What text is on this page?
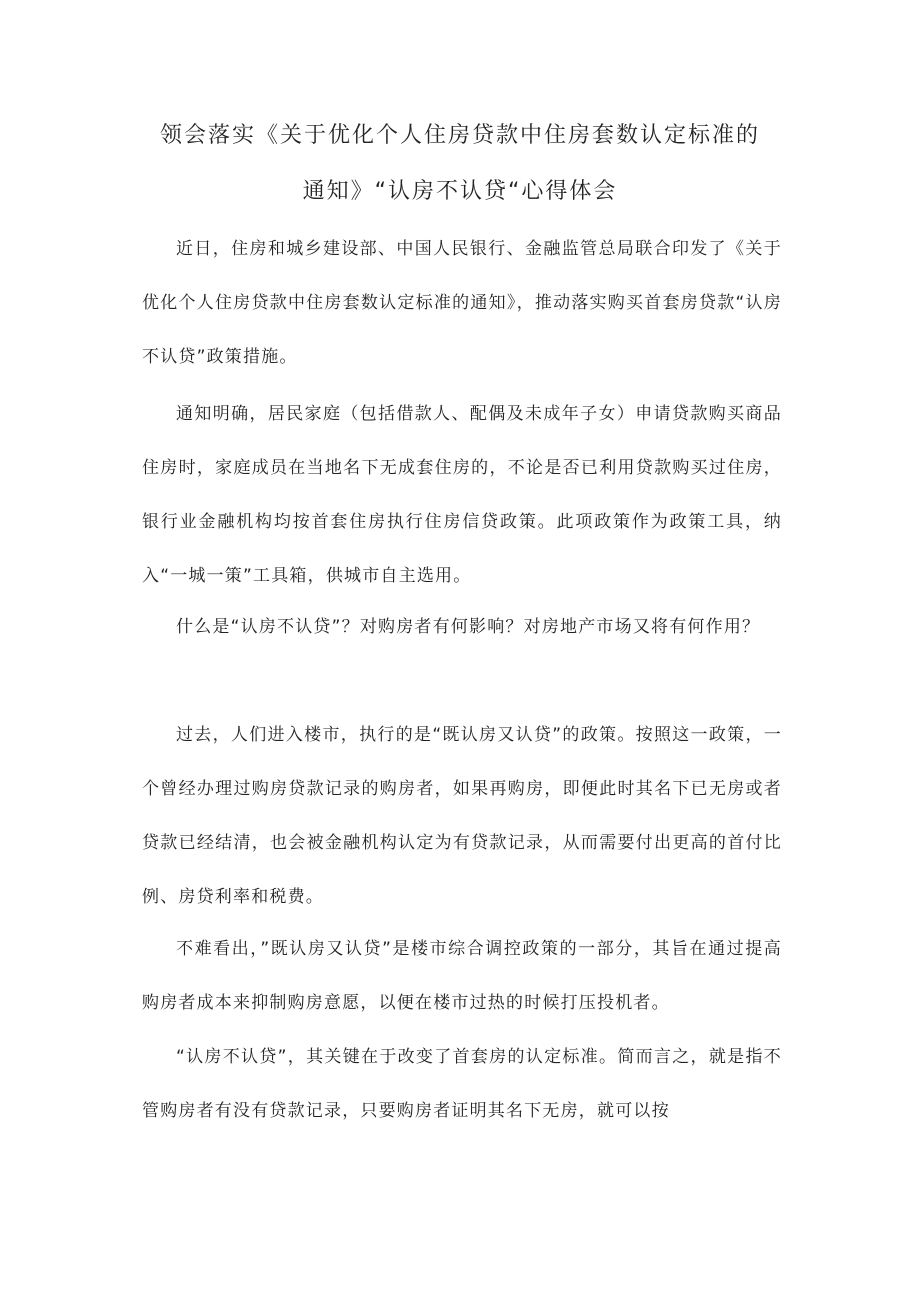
领会落实《关于优化个人住房贷款中住房套数认定标准的
通知》“认房不认贷“心得体会

近日，住房和城乡建设部、中国人民银行、金融监管总局联合印发了《关于优化个人住房贷款中住房套数认定标准的通知》，推动落实购买首套房贷款“认房不认贷”政策措施。

通知明确，居民家庭（包括借款人、配偶及未成年子女）申请贷款购买商品住房时，家庭成员在当地名下无成套住房的，不论是否已利用贷款购买过住房，银行业金融机构均按首套住房执行住房信贷政策。此项政策作为政策工具，纳入“一城一策”工具箱，供城市自主选用。

什么是“认房不认贷”？对购房者有何影响？对房地产市场又将有何作用？

过去，人们进入楼市，执行的是“既认房又认贷”的政策。按照这一政策，一个曾经办理过购房贷款记录的购房者，如果再购房，即便此时其名下已无房或者贷款已经结清，也会被金融机构认定为有贷款记录，从而需要付出更高的首付比例、房贷利率和税费。

不难看出，”既认房又认贷”是楼市综合调控政策的一部分，其旨在通过提高购房者成本来抑制购房意愿，以便在楼市过热的时候打压投机者。

“认房不认贷”，其关键在于改变了首套房的认定标准。简而言之，就是指不管购房者有没有贷款记录，只要购房者证明其名下无房，就可以按
